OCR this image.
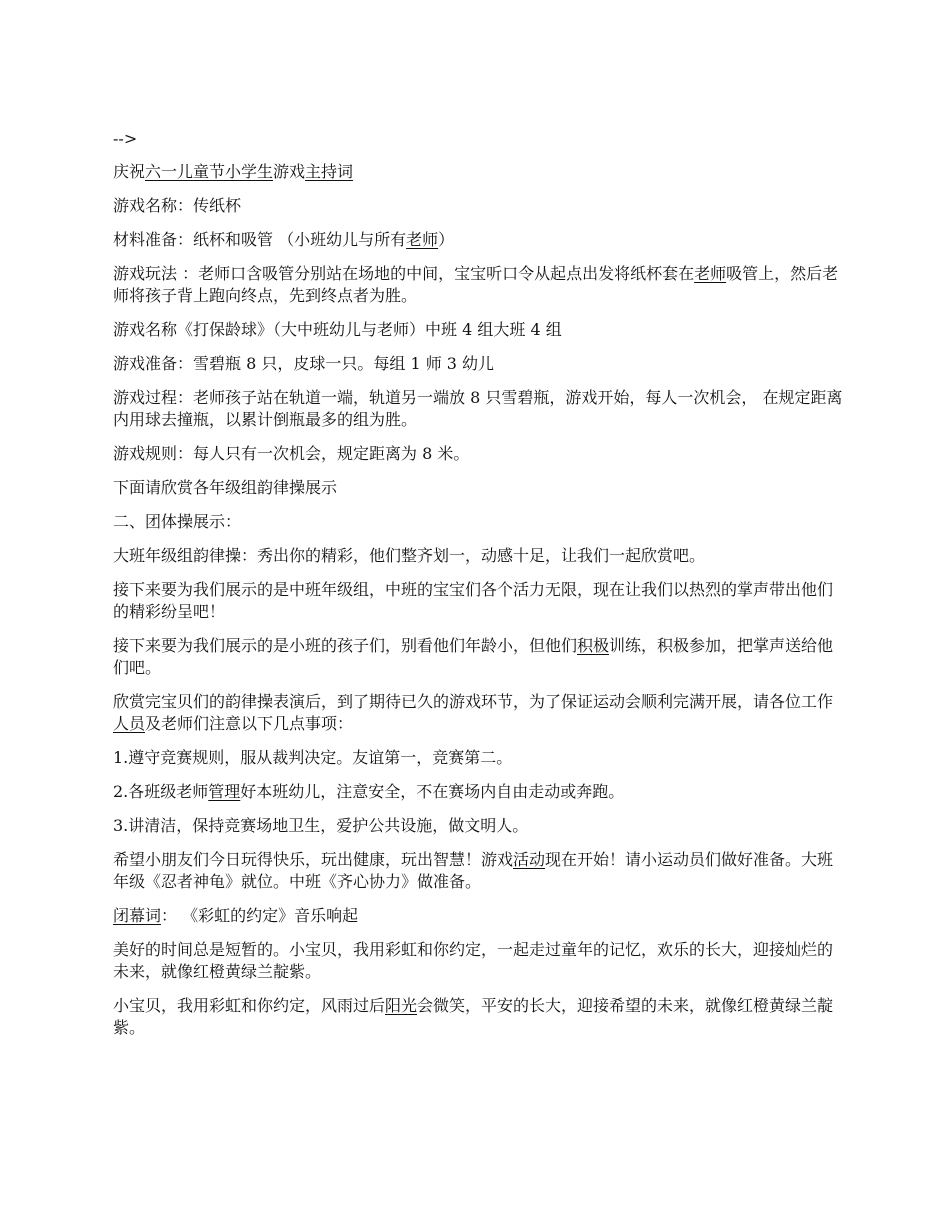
-->

庆祝六一儿童节小学生游戏主持词

游戏名称：传纸杯

材料准备：纸杯和吸管 （小班幼儿与所有老师）

游戏玩法 ：老师口含吸管分别站在场地的中间，宝宝听口令从起点出发将纸杯套在老师吸管上，然后老师将孩子背上跑向终点，先到终点者为胜。

游戏名称《打保龄球》（大中班幼儿与老师）中班 4 组大班 4 组

游戏准备：雪碧瓶 8 只，皮球一只。每组 1 师 3 幼儿

游戏过程：老师孩子站在轨道一端，轨道另一端放 8 只雪碧瓶，游戏开始，每人一次机会， 在规定距离内用球去撞瓶，以累计倒瓶最多的组为胜。

游戏规则：每人只有一次机会，规定距离为 8 米。

下面请欣赏各年级组韵律操展示

二、团体操展示：

大班年级组韵律操：秀出你的精彩，他们整齐划一，动感十足，让我们一起欣赏吧。

接下来要为我们展示的是中班年级组，中班的宝宝们各个活力无限，现在让我们以热烈的掌声带出他们的精彩纷呈吧！

接下来要为我们展示的是小班的孩子们，别看他们年龄小，但他们积极训练，积极参加，把掌声送给他们吧。

欣赏完宝贝们的韵律操表演后，到了期待已久的游戏环节，为了保证运动会顺利完满开展，请各位工作人员及老师们注意以下几点事项：

1.遵守竞赛规则，服从裁判决定。友谊第一，竞赛第二。

2.各班级老师管理好本班幼儿，注意安全，不在赛场内自由走动或奔跑。

3.讲清洁，保持竞赛场地卫生，爱护公共设施，做文明人。

希望小朋友们今日玩得快乐，玩出健康，玩出智慧！游戏活动现在开始！请小运动员们做好准备。大班年级《忍者神龟》就位。中班《齐心协力》做准备。

闭幕词： 《彩虹的约定》音乐响起

美好的时间总是短暂的。小宝贝，我用彩虹和你约定，一起走过童年的记忆，欢乐的长大，迎接灿烂的未来，就像红橙黄绿兰靛紫。

小宝贝，我用彩虹和你约定，风雨过后阳光会微笑，平安的长大，迎接希望的未来，就像红橙黄绿兰靛紫。
